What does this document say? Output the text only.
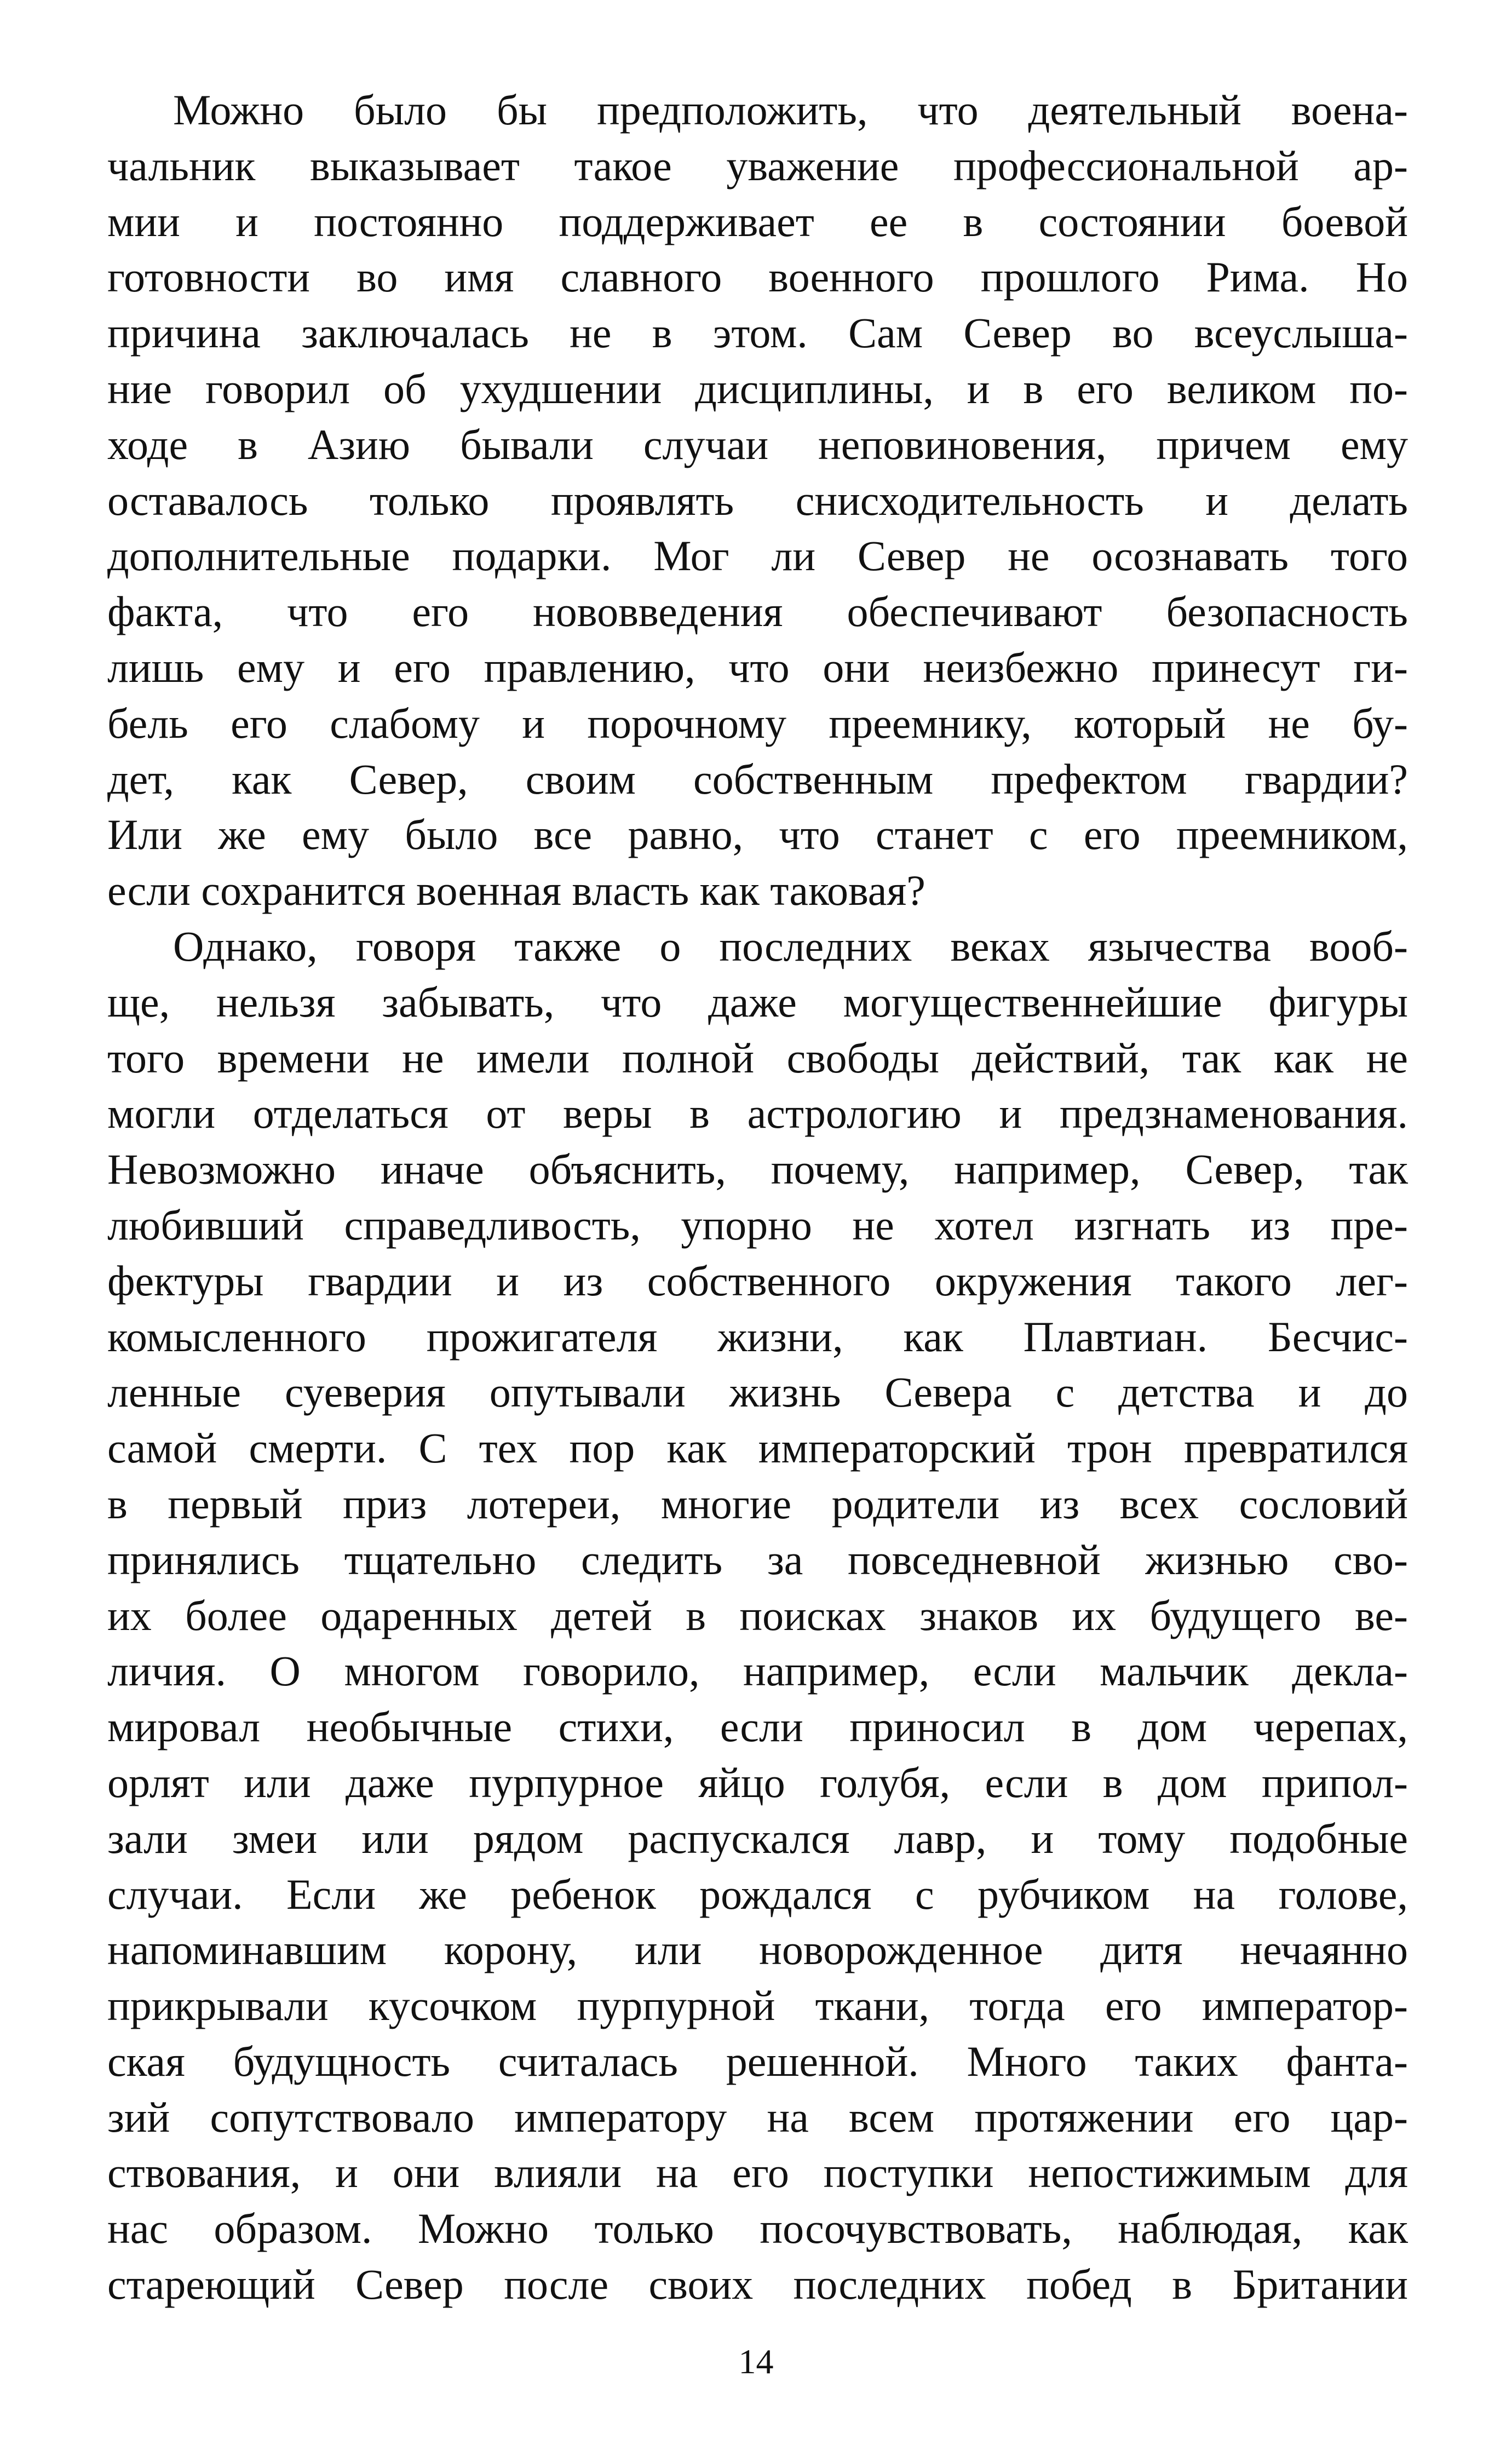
Можно было бы предположить, что деятельный военa-
чальник выказывает такое уважение профессиональной ар-
мии и постоянно поддерживает ее в состоянии боевой
готовности во имя славного военного прошлого Рима. Но
причина заключалась не в этом. Сам Север во всеуслыша-
ние говорил об ухудшении дисциплины, и в его великом по-
ходе в Азию бывали случаи неповиновения, причем ему
оставалось только проявлять снисходительность и делать
дополнительные подарки. Мог ли Север не осознавать того
факта, что его нововведения обеспечивают безопасность
лишь ему и его правлению, что они неизбежно принесут ги-
бель его слабому и порочному преемнику, который не бу-
дет, как Север, своим собственным префектом гвардии?
Или же ему было все равно, что станет с его преемником,
если сохранится военная власть как таковая?
Однако, говоря также о последних веках язычества вооб-
ще, нельзя забывать, что даже могущественнейшие фигуры
того времени не имели полной свободы действий, так как не
могли отделаться от веры в астрологию и предзнаменования.
Невозможно иначе объяснить, почему, например, Север, так
любивший справедливость, упорно не хотел изгнать из пре-
фектуры гвардии и из собственного окружения такого лег-
комысленного прожигателя жизни, как Плавтиан. Бесчис-
ленные суеверия опутывали жизнь Севера с детства и до
самой смерти. С тех пор как императорский трон превратился
в первый приз лотереи, многие родители из всех сословий
принялись тщательно следить за повседневной жизнью сво-
их более одаренных детей в поисках знаков их будущего ве-
личия. О многом говорило, например, если мальчик декла-
мировал необычные стихи, если приносил в дом черепах,
орлят или даже пурпурное яйцо голубя, если в дом припол-
зали змеи или рядом распускался лавр, и тому подобные
случаи. Если же ребенок рождался с рубчиком на голове,
напоминавшим корону, или новорожденное дитя нечаянно
прикрывали кусочком пурпурной ткани, тогда его император-
ская будущность считалась решенной. Много таких фанта-
зий сопутствовало императору на всем протяжении его цар-
ствования, и они влияли на его поступки непостижимым для
нас образом. Можно только посочувствовать, наблюдая, как
стареющий Север после своих последних побед в Британии
14
